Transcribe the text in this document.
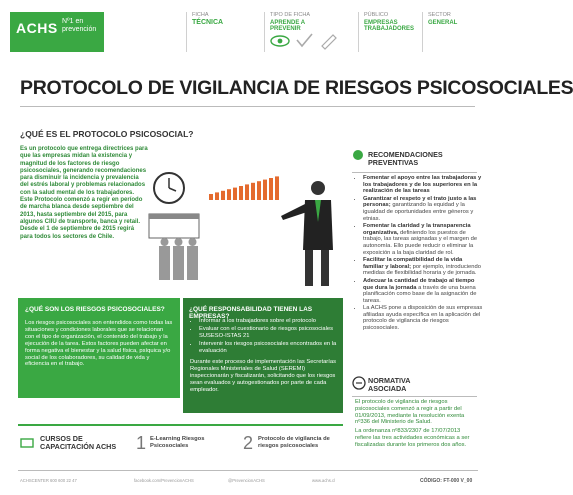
ACHS Nº1 en prevención
FICHA
TÉCNICA
TIPO DE FICHA
APRENDE A PREVENIR
PÚBLICO
EMPRESAS TRABAJADORES
SECTOR
GENERAL
PROTOCOLO DE VIGILANCIA DE RIESGOS PSICOSOCIALES
¿QUÉ ES EL PROTOCOLO PSICOSOCIAL?
Es un protocolo que entrega directrices para que las empresas midan la existencia y magnitud de los factores de riesgo psicosociales, generando recomendaciones para disminuir la incidencia y prevalencia del estrés laboral y problemas relacionados con la salud mental de los trabajadores. Este Protocolo comenzó a regir en período de marcha blanca desde septiembre del 2013, hasta septiembre del 2015, para algunos CIIU de transporte, banca y retail. Desde el 1 de septiembre de 2015 regirá para todos los sectores de Chile.
RECOMENDACIONES PREVENTIVAS
• Fomentar el apoyo entre las trabajadoras y los trabajadores y de los superiores en la realización de las tareas
• Garantizar el respeto y el trato justo a las personas; garantizando la equidad y la igualdad de oportunidades entre géneros y etnias.
• Fomentar la claridad y la transparencia organizativa, definiendo los puestos de trabajo, las tareas asignadas y el margen de autonomía. Ello puede reducir o eliminar la exposición a la baja claridad de rol.
• Facilitar la compatibilidad de la vida familiar y laboral; por ejemplo, introduciendo medidas de flexibilidad horaria y de jornada.
• Adecuar la cantidad de trabajo al tiempo que dura la jornada a través de una buena planificación como base de la asignación de tareas.
• La ACHS pone a disposición de sus empresas afiliadas ayuda específica en la aplicación del protocolo de vigilancia de riesgos psicosociales.
¿QUÉ SON LOS RIESGOS PSICOSOCIALES?
Los riesgos psicosociales son entendidos como todas las situaciones y condiciones laborales que se relacionan con el tipo de organización, el contenido del trabajo y la ejecución de la tarea. Estos factores pueden afectar en forma negativa el bienestar y la salud física, psíquica y/o social de los colaboradores, su calidad de vida y eficiencia en el trabajo.
¿QUÉ RESPONSABILIDAD TIENEN LAS EMPRESAS?
• Informar a los trabajadores sobre el protocolo
• Evaluar con el cuestionario de riesgos psicosociales SUSESO-ISTAS 21
• Intervenir los riesgos psicosociales encontrados en la evaluación
Durante este proceso de implementación las Secretarías Regionales Ministeriales de Salud (SEREMI) inspeccionarán y fiscalizarán, solicitando que los riesgos sean evaluados y autogestionados por parte de cada empleador.
NORMATIVA ASOCIADA
El protocolo de vigilancia de riesgos psicosociales comenzó a regir a partir del 01/09/2013, mediante la resolución exenta nº336 del Ministerio de Salud.
La ordenanza nº833/2307 de 17/07/2013 refiere las tres actividades económicas a ser fiscalizadas durante los primeros dos años.
CURSOS DE CAPACITACIÓN ACHS	1 E-Learning Riesgos Psicosociales	2 Protocolo de vigilancia de riesgos psicosociales
ACHSCENTER 600 600 22 47	facebook.com/PrevencionACHS	@PrevencionACHS	www.achs.cl	CÓDIGO: FT-000 V_00
